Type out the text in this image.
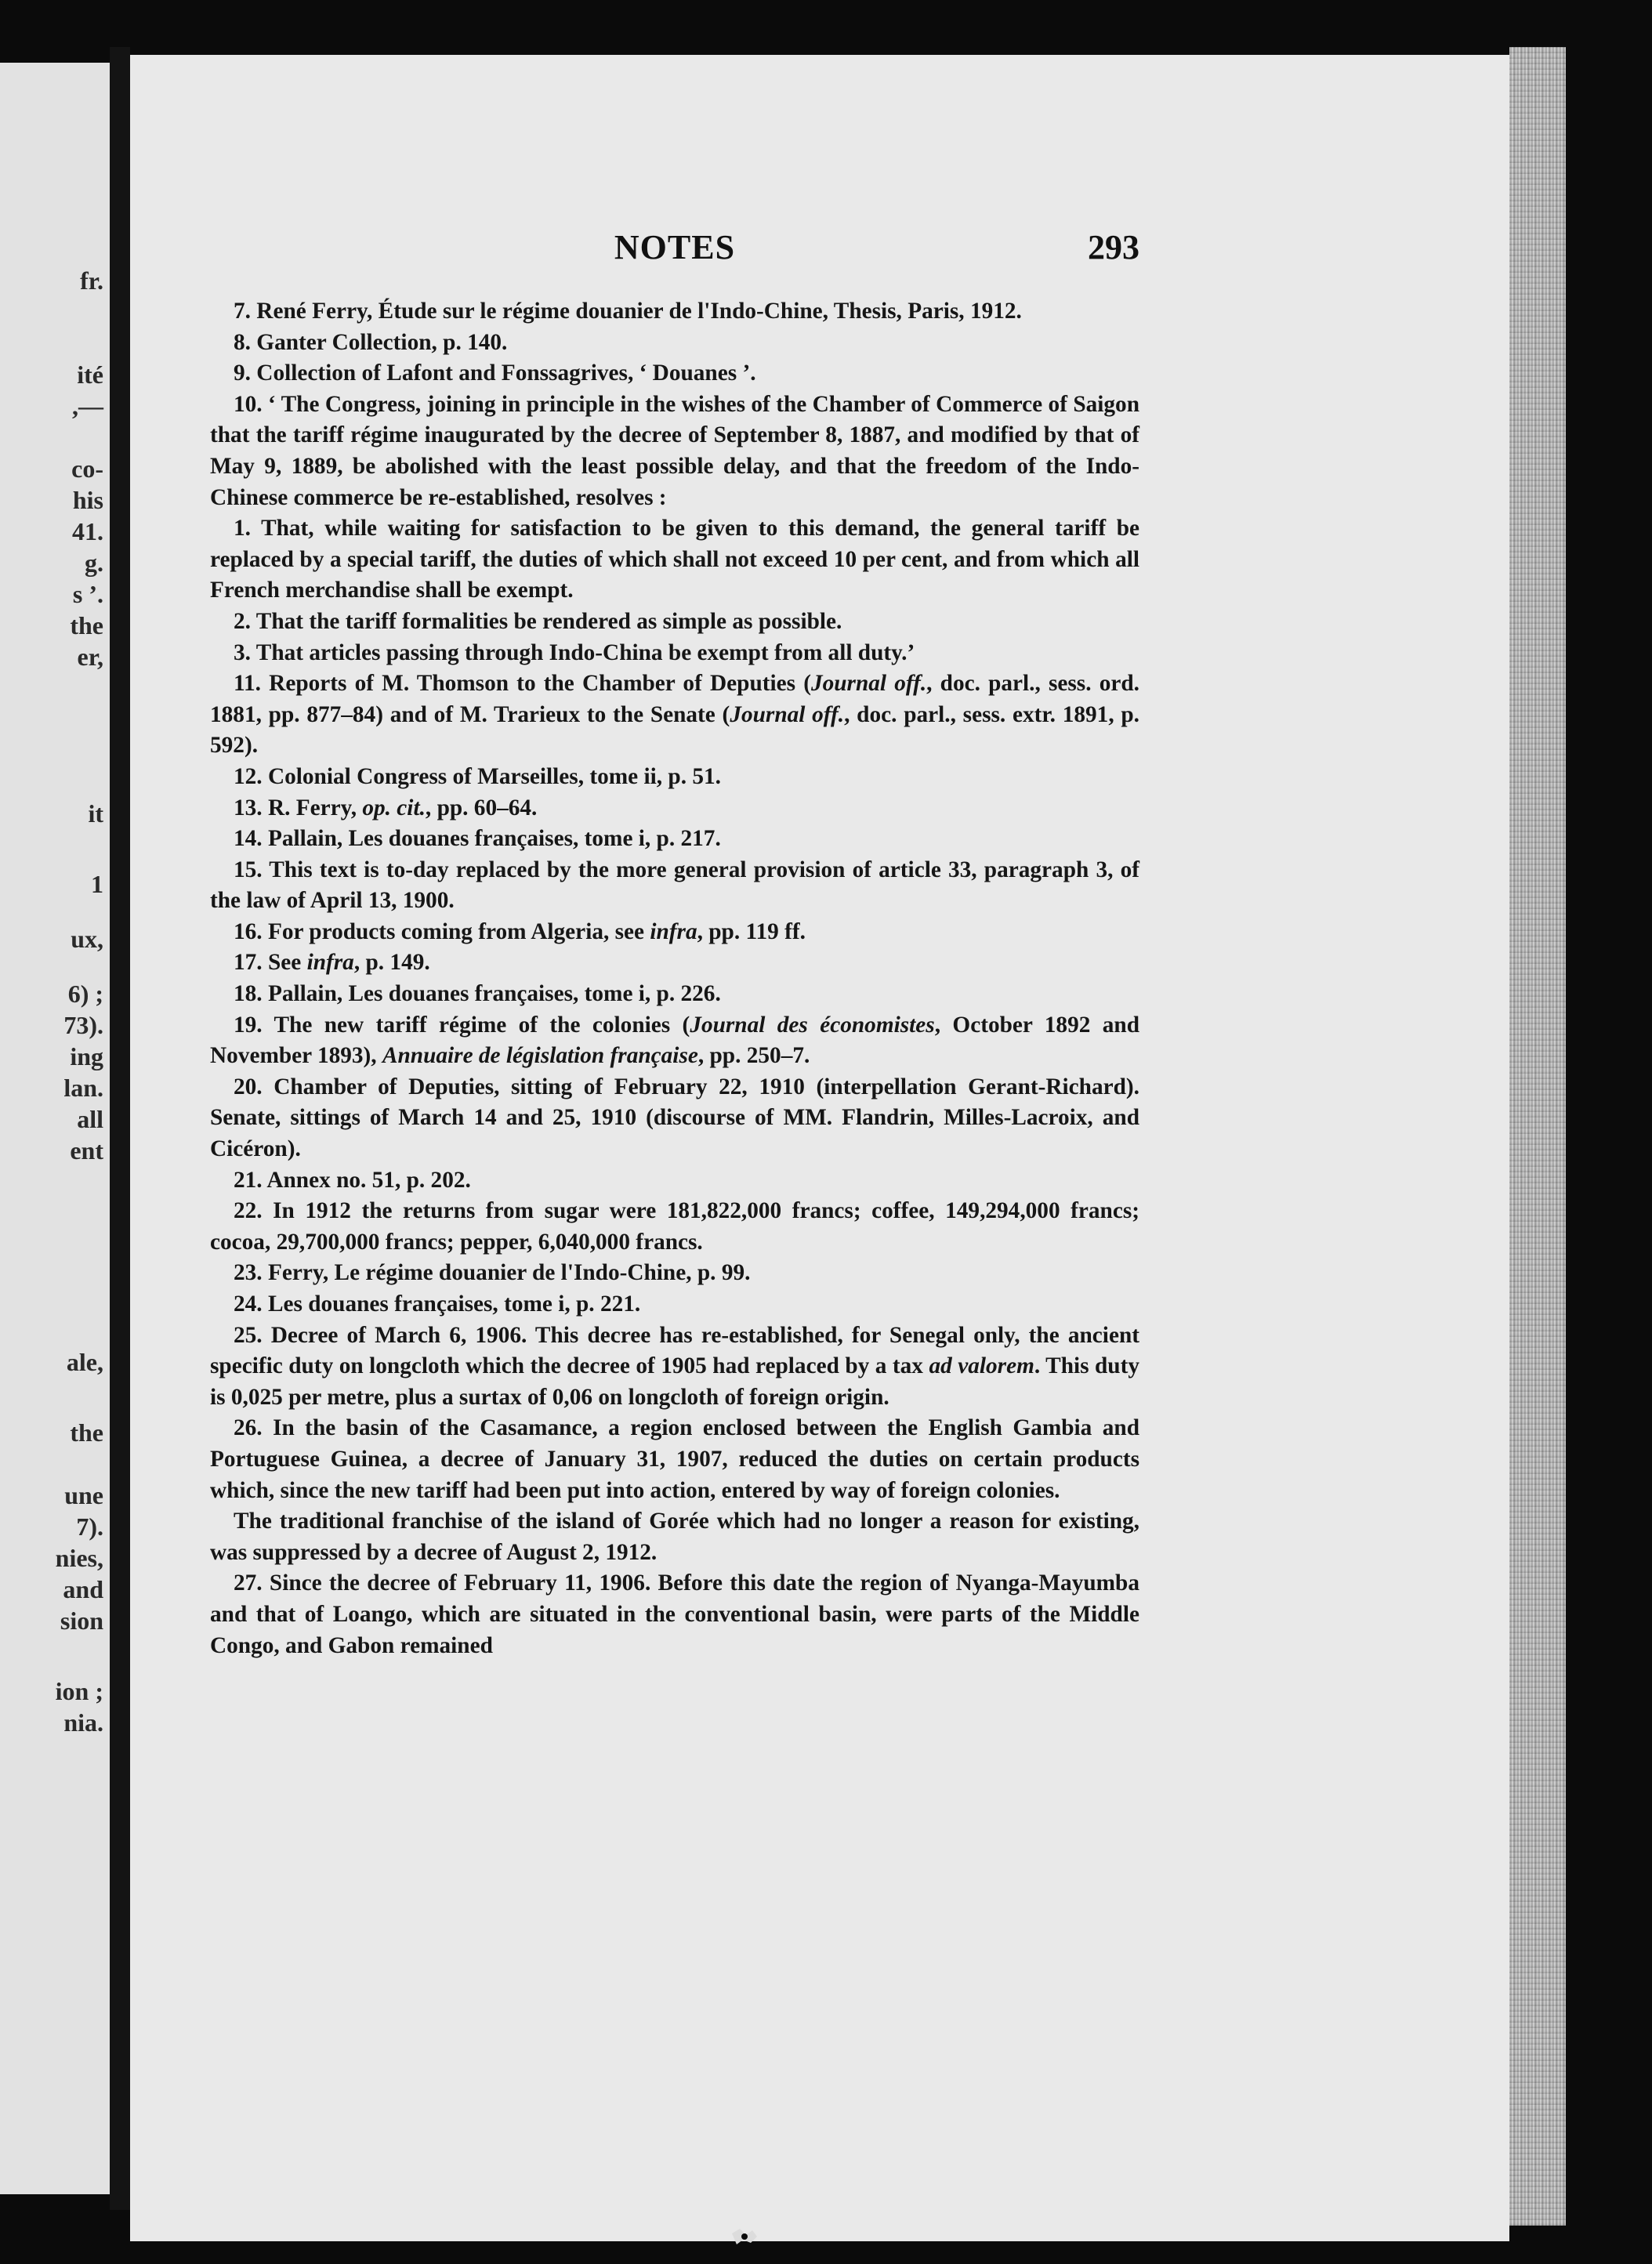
fr.
ité
,—
co-
his
41.
g.
s ’.
the
er,
it
1
ux,
6) ;
73).
ing
lan.
all
ent
ale,
the
une
7).
nies,
and
sion
ion ;
nia.
NOTES	293

7. René Ferry, Étude sur le régime douanier de l'Indo-Chine, Thesis, Paris, 1912.

8. Ganter Collection, p. 140.

9. Collection of Lafont and Fonssagrives, ‘ Douanes ’.

10. ‘ The Congress, joining in principle in the wishes of the Chamber of Commerce of Saigon that the tariff régime inaugurated by the decree of September 8, 1887, and modified by that of May 9, 1889, be abolished with the least possible delay, and that the freedom of the Indo-Chinese commerce be re-established, resolves :

1. That, while waiting for satisfaction to be given to this demand, the general tariff be replaced by a special tariff, the duties of which shall not exceed 10 per cent, and from which all French merchandise shall be exempt.

2. That the tariff formalities be rendered as simple as possible.

3. That articles passing through Indo-China be exempt from all duty.’

11. Reports of M. Thomson to the Chamber of Deputies (Journal off., doc. parl., sess. ord. 1881, pp. 877–84) and of M. Trarieux to the Senate (Journal off., doc. parl., sess. extr. 1891, p. 592).

12. Colonial Congress of Marseilles, tome ii, p. 51.

13. R. Ferry, op. cit., pp. 60–64.

14. Pallain, Les douanes françaises, tome i, p. 217.

15. This text is to-day replaced by the more general provision of article 33, paragraph 3, of the law of April 13, 1900.

16. For products coming from Algeria, see infra, pp. 119 ff.

17. See infra, p. 149.

18. Pallain, Les douanes françaises, tome i, p. 226.

19. The new tariff régime of the colonies (Journal des économistes, October 1892 and November 1893), Annuaire de législation française, pp. 250–7.

20. Chamber of Deputies, sitting of February 22, 1910 (interpellation Gerant-Richard). Senate, sittings of March 14 and 25, 1910 (discourse of MM. Flandrin, Milles-Lacroix, and Cicéron).

21. Annex no. 51, p. 202.

22. In 1912 the returns from sugar were 181,822,000 francs; coffee, 149,294,000 francs; cocoa, 29,700,000 francs; pepper, 6,040,000 francs.

23. Ferry, Le régime douanier de l'Indo-Chine, p. 99.

24. Les douanes françaises, tome i, p. 221.

25. Decree of March 6, 1906. This decree has re-established, for Senegal only, the ancient specific duty on longcloth which the decree of 1905 had replaced by a tax ad valorem. This duty is 0,025 per metre, plus a surtax of 0,06 on longcloth of foreign origin.

26. In the basin of the Casamance, a region enclosed between the English Gambia and Portuguese Guinea, a decree of January 31, 1907, reduced the duties on certain products which, since the new tariff had been put into action, entered by way of foreign colonies.

The traditional franchise of the island of Gorée which had no longer a reason for existing, was suppressed by a decree of August 2, 1912.

27. Since the decree of February 11, 1906. Before this date the region of Nyanga-Mayumba and that of Loango, which are situated in the conventional basin, were parts of the Middle Congo, and Gabon remained
